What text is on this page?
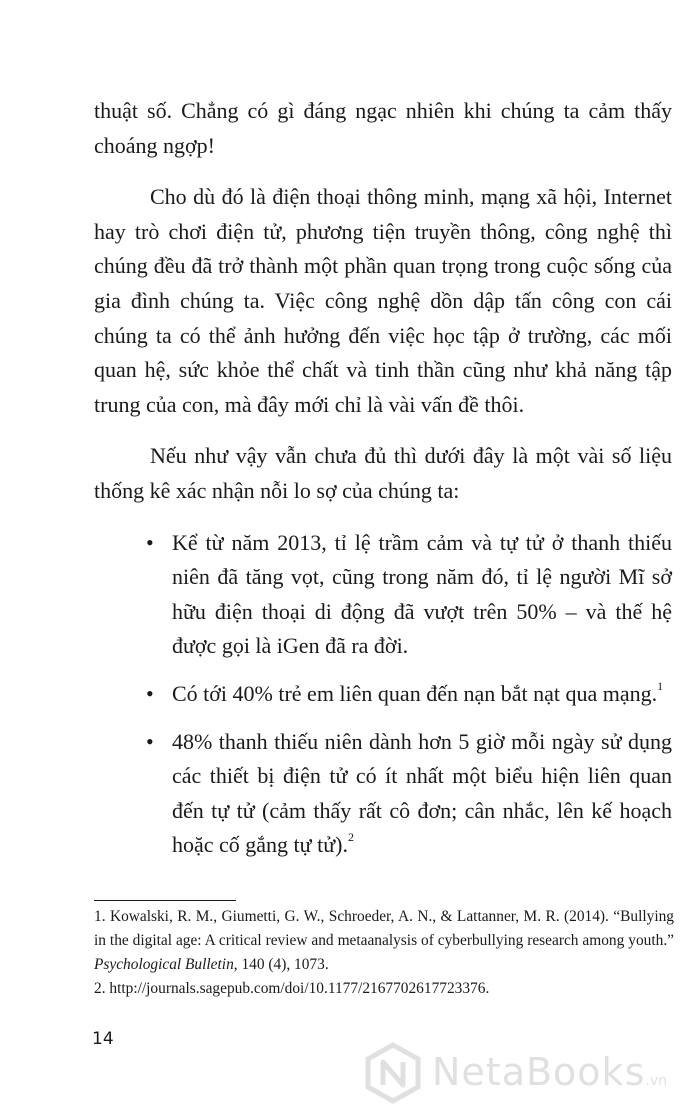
thuật số. Chẳng có gì đáng ngạc nhiên khi chúng ta cảm thấy choáng ngợp!

Cho dù đó là điện thoại thông minh, mạng xã hội, Internet hay trò chơi điện tử, phương tiện truyền thông, công nghệ thì chúng đều đã trở thành một phần quan trọng trong cuộc sống của gia đình chúng ta. Việc công nghệ dồn dập tấn công con cái chúng ta có thể ảnh hưởng đến việc học tập ở trường, các mối quan hệ, sức khỏe thể chất và tinh thần cũng như khả năng tập trung của con, mà đây mới chỉ là vài vấn đề thôi.

Nếu như vậy vẫn chưa đủ thì dưới đây là một vài số liệu thống kê xác nhận nỗi lo sợ của chúng ta:

• Kể từ năm 2013, tỉ lệ trầm cảm và tự tử ở thanh thiếu niên đã tăng vọt, cũng trong năm đó, tỉ lệ người Mĩ sở hữu điện thoại di động đã vượt trên 50% – và thế hệ được gọi là iGen đã ra đời.
• Có tới 40% trẻ em liên quan đến nạn bắt nạt qua mạng.$^1$
• 48% thanh thiếu niên dành hơn 5 giờ mỗi ngày sử dụng các thiết bị điện tử có ít nhất một biểu hiện liên quan đến tự tử (cảm thấy rất cô đơn; cân nhắc, lên kế hoạch hoặc cố gắng tự tử).$^2$
1. Kowalski, R. M., Giumetti, G. W., Schroeder, A. N., & Lattanner, M. R. (2014). “Bullying in the digital age: A critical review and metaanalysis of cyberbullying research among youth.” Psychological Bulletin, 140 (4), 1073.
2. http://journals.sagepub.com/doi/10.1177/2167702617723376.
14
NetaBooks.vn
